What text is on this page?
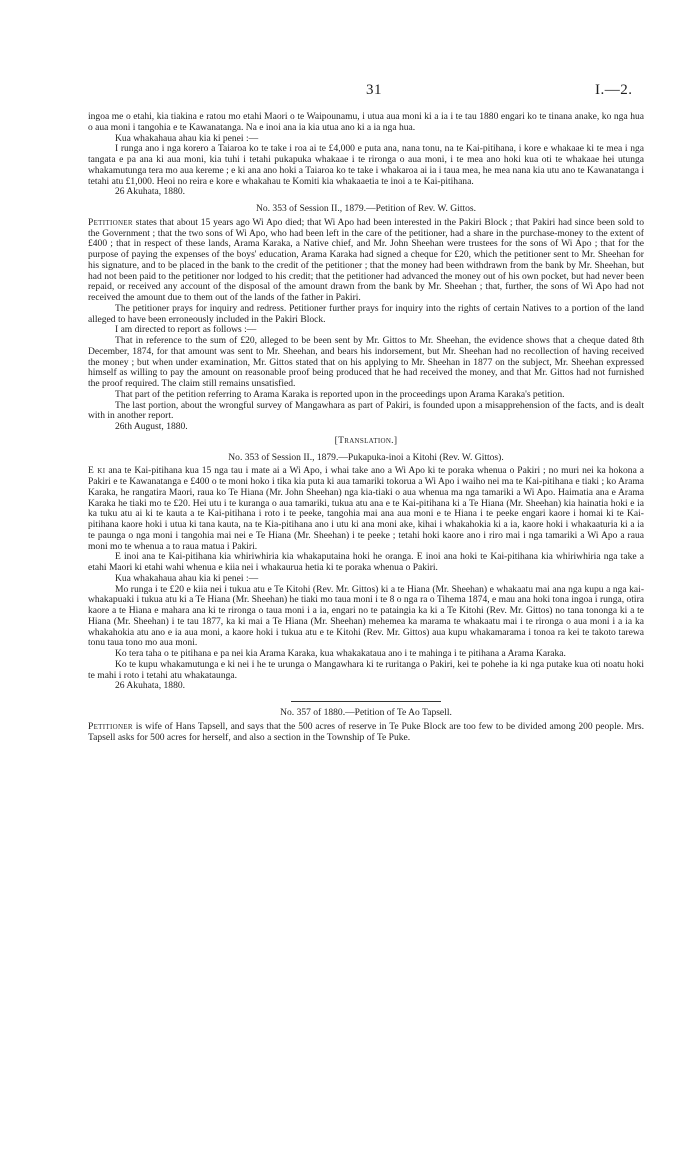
31	I.—2.

ingoa me o etahi, kia tiakina e ratou mo etahi Maori o te Waipounamu, i utua aua moni ki a ia i te tau 1880 engari ko te tinana anake, ko nga hua o aua moni i tangohia e te Kawanatanga. Na e inoi ana ia kia utua ano ki a ia nga hua.

Kua whakahaua ahau kia ki penei :—

I runga ano i nga korero a Taiaroa ko te take i roa ai te £4,000 e puta ana, nana tonu, na te Kai-pitihana, i kore e whakaae ki te mea i nga tangata e pa ana ki aua moni, kia tuhi i tetahi pukapuka whakaae i te rironga o aua moni, i te mea ano hoki kua oti te whakaae hei utunga whakamutunga tera mo aua kereme ; e ki ana ano hoki a Taiaroa ko te take i whakaroa ai ia i taua mea, he mea nana kia utu ano te Kawanatanga i tetahi atu £1,000. Heoi no reira e kore e whakahau te Komiti kia whakaaetia te inoi a te Kai-pitihana.

26 Akuhata, 1880.

No. 353 of Session II., 1879.—Petition of Rev. W. Gittos.

Petitioner states that about 15 years ago Wi Apo died; that Wi Apo had been interested in the Pakiri Block ; that Pakiri had since been sold to the Government ; that the two sons of Wi Apo, who had been left in the care of the petitioner, had a share in the purchase-money to the extent of £400 ; that in respect of these lands, Arama Karaka, a Native chief, and Mr. John Sheehan were trustees for the sons of Wi Apo ; that for the purpose of paying the expenses of the boys' education, Arama Karaka had signed a cheque for £20, which the petitioner sent to Mr. Sheehan for his signature, and to be placed in the bank to the credit of the petitioner ; that the money had been withdrawn from the bank by Mr. Sheehan, but had not been paid to the petitioner nor lodged to his credit; that the petitioner had advanced the money out of his own pocket, but had never been repaid, or received any account of the disposal of the amount drawn from the bank by Mr. Sheehan ; that, further, the sons of Wi Apo had not received the amount due to them out of the lands of the father in Pakiri.

The petitioner prays for inquiry and redress. Petitioner further prays for inquiry into the rights of certain Natives to a portion of the land alleged to have been erroneously included in the Pakiri Block.

I am directed to report as follows :—

That in reference to the sum of £20, alleged to be been sent by Mr. Gittos to Mr. Sheehan, the evidence shows that a cheque dated 8th December, 1874, for that amount was sent to Mr. Sheehan, and bears his indorsement, but Mr. Sheehan had no recollection of having received the money ; but when under examination, Mr. Gittos stated that on his applying to Mr. Sheehan in 1877 on the subject, Mr. Sheehan expressed himself as willing to pay the amount on reasonable proof being produced that he had received the money, and that Mr. Gittos had not furnished the proof required. The claim still remains unsatisfied.

That part of the petition referring to Arama Karaka is reported upon in the proceedings upon Arama Karaka's petition.

The last portion, about the wrongful survey of Mangawhara as part of Pakiri, is founded upon a misapprehension of the facts, and is dealt with in another report.

26th August, 1880.

[Translation.]

No. 353 of Session II., 1879.—Pukapuka-inoi a Kitohi (Rev. W. Gittos).

E ki ana te Kai-pitihana kua 15 nga tau i mate ai a Wi Apo, i whai take ano a Wi Apo ki te poraka whenua o Pakiri ; no muri nei ka hokona a Pakiri e te Kawanatanga e £400 o te moni hoko i tika kia puta ki aua tamariki tokorua a Wi Apo i waiho nei ma te Kai-pitihana e tiaki ; ko Arama Karaka, he rangatira Maori, raua ko Te Hiana (Mr. John Sheehan) nga kia-tiaki o aua whenua ma nga tamariki a Wi Apo. Haimatia ana e Arama Karaka he tiaki mo te £20. Hei utu i te kuranga o aua tamariki, tukua atu ana e te Kai-pitihana ki a Te Hiana (Mr. Sheehan) kia hainatia hoki e ia ka tuku atu ai ki te kauta a te Kai-pitihana i roto i te peeke, tangohia mai ana aua moni e te Hiana i te peeke engari kaore i homai ki te Kai-pitihana kaore hoki i utua ki tana kauta, na te Kia-pitihana ano i utu ki ana moni ake, kihai i whakahokia ki a ia, kaore hoki i whakaaturia ki a ia te paunga o nga moni i tangohia mai nei e Te Hiana (Mr. Sheehan) i te peeke ; tetahi hoki kaore ano i riro mai i nga tamariki a Wi Apo a raua moni mo te whenua a to raua matua i Pakiri.

E inoi ana te Kai-pitihana kia whiriwhiria kia whakaputaina hoki he oranga. E inoi ana hoki te Kai-pitihana kia whiriwhiria nga take a etahi Maori ki etahi wahi whenua e kiia nei i whakaurua hetia ki te poraka whenua o Pakiri.

Kua whakahaua ahau kia ki penei :—

Mo runga i te £20 e kiia nei i tukua atu e Te Kitohi (Rev. Mr. Gittos) ki a te Hiana (Mr. Sheehan) e whakaatu mai ana nga kupu a nga kai-whakapuaki i tukua atu ki a Te Hiana (Mr. Sheehan) he tiaki mo taua moni i te 8 o nga ra o Tihema 1874, e mau ana hoki tona ingoa i runga, otira kaore a te Hiana e mahara ana ki te rironga o taua moni i a ia, engari no te pataingia ka ki a Te Kitohi (Rev. Mr. Gittos) no tana tononga ki a te Hiana (Mr. Sheehan) i te tau 1877, ka ki mai a Te Hiana (Mr. Sheehan) mehemea ka marama te whakaatu mai i te rironga o aua moni i a ia ka whakahokia atu ano e ia aua moni, a kaore hoki i tukua atu e te Kitohi (Rev. Mr. Gittos) aua kupu whakamarama i tonoa ra kei te takoto tarewa tonu taua tono mo aua moni.

Ko tera taha o te pitihana e pa nei kia Arama Karaka, kua whakakataua ano i te mahinga i te pitihana a Arama Karaka.

Ko te kupu whakamutunga e ki nei i he te urunga o Mangawhara ki te ruritanga o Pakiri, kei te pohehe ia ki nga putake kua oti noatu hoki te mahi i roto i tetahi atu whakataunga.

26 Akuhata, 1880.

No. 357 of 1880.—Petition of Te Ao Tapsell.

Petitioner is wife of Hans Tapsell, and says that the 500 acres of reserve in Te Puke Block are too few to be divided among 200 people. Mrs. Tapsell asks for 500 acres for herself, and also a section in the Township of Te Puke.
